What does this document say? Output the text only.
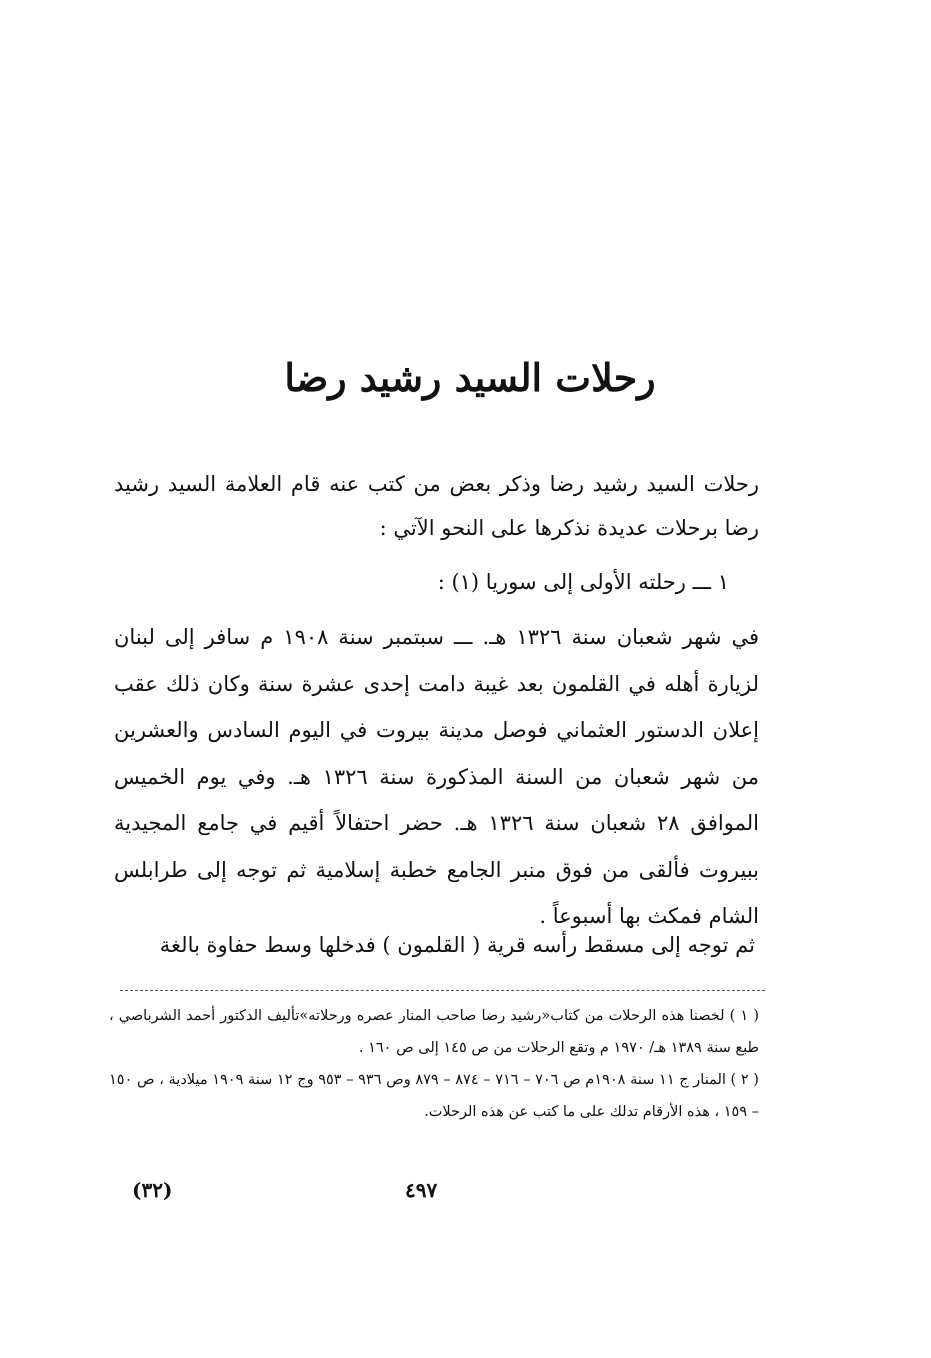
رحلات السيد رشيد رضا

رحلات السيد رشيد رضا وذكر بعض من كتب عنه قام العلامة السيد رشيد رضا برحلات عديدة نذكرها على النحو الآتي :

١ ـــ رحلته الأولى إلى سوريا (١) :

في شهر شعبان سنة ١٣٢٦ هـ. ـــ سبتمبر سنة ١٩٠٨ م سافر إلى لبنان لزيارة أهله في القلمون بعد غيبة دامت إحدى عشرة سنة وكان ذلك عقب إعلان الدستور العثماني فوصل مدينة بيروت في اليوم السادس والعشرين من شهر شعبان من السنة المذكورة سنة ١٣٢٦ هـ. وفي يوم الخميس الموافق ٢٨ شعبان سنة ١٣٢٦ هـ. حضر احتفالاً أقيم في جامع المجيدية ببيروت فألقى من فوق منبر الجامع خطبة إسلامية ثم توجه إلى طرابلس الشام فمكث بها أسبوعاً .

ثم توجه إلى مسقط رأسه قرية ( القلمون ) فدخلها وسط حفاوة بالغة

( ١ ) لخصنا هذه الرحلات من كتاب«رشيد رضا صاحب المنار عصره ورحلاته»تأليف الدكتور أحمد الشرباصي ، طبع سنة ١٣٨٩ هـ/ ١٩٧٠ م وتقع الرحلات من ص ١٤٥ إلى ص ١٦٠ .
( ٢ ) المنار ج ١١ سنة ١٩٠٨م ص ٧٠٦ – ٧١٦ – ٨٧٤ – ٨٧٩ وص ٩٣٦ – ٩٥٣ وج ١٢ سنة ١٩٠٩ ميلادية ، ص ١٥٠ – ١٥٩ ، هذه الأرقام تدلك على ما كتب عن هذه الرحلات.
(٣٢)	٤٩٧
